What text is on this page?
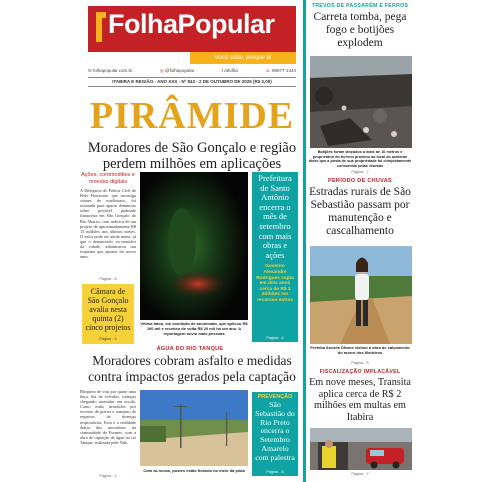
FolhaPopular
Você sabe, porque lê
✉ folhapopular.com.br	◎ @folhapopular	f /afolha	☏ 98577-1444
ITABIRA E REGIÃO - ANO XXX - Nº 843 - 2 DE OUTUBRO DE 2025 (R$ 2,00)
PIRÂMIDE
Moradores de São Gonçalo e região perdem milhões em aplicações
Ações, commodities e moedas digitais
A Delegacia de Polícia Civil de Belo Horizonte, que investiga crimes de estelionato, foi acionada para apurar denúncias sobre possível pirâmide financeira em São Gonçalo do Rio Abaixo, com indícios de um projeto de aproximadamente R$ 15 milhões nos últimos meses. O valor pode ser ainda maior, já que o denunciado, ex-morador da cidade, administrou um esquema que apurou há novos anos.
Página - 8
Câmara de São Gonçalo avalia nesta quinta (2) cinco projetos
Página - 3
Vítima falou, em condição de anonimato, que aplicou R$ 100 mil e recebeu de volta R$ 20 mil há um ano. A reportagem ouviu mais pessoas
Prefeitura de Santo Antônio encerra o mês de setembro com mais obras e ações
Governo Alexandre Rodrigues capta em dois anos cerca de R$ 3 milhões em recursos extras
Página - 6
ÁGUA DO RIO TANQUE
Moradores cobram asfalto e medidas contra impactos gerados pela captação
Bloqueio de vias por quase uma hora, fila de veículos, crianças chegando atrasadas em escola. Como estão invadidos por excesso de poeira e aumento de registros de doenças respiratórias. Essa é a realidade diária dos moradores da comunidade de Formes, com a obra de captação de água no rio Tanque, realizada pela Vale.
Página - 4
Com as secas, postes estão ficando no meio da pista
PREVENÇÃO
São Sebastião do Rio Preto encerra o Setembro Amarelo com palestra
Página - 6
TREVOS DE PASSARÉM E FERROS
Carreta tomba, pega fogo e botijões explodem
Botijões foram lançados a mais de 10 metros e proprietário do terreno próximo ao local do acidente disse que a posta de sua propriedade foi completamente consumido pelas chamas
Página - 7
PERÍODO DE CHUVAS
Estradas rurais de São Sebastião passam por manutenção e cascalhamento
Prefeita Andréa Ottone visitou a obra de calçamento do morro dos Medeiros
Página - 5
FISCALIZAÇÃO IMPLACÁVEL
Em nove meses, Transita aplica cerca de R$ 2 milhões em multas em Itabira
Página - 7
